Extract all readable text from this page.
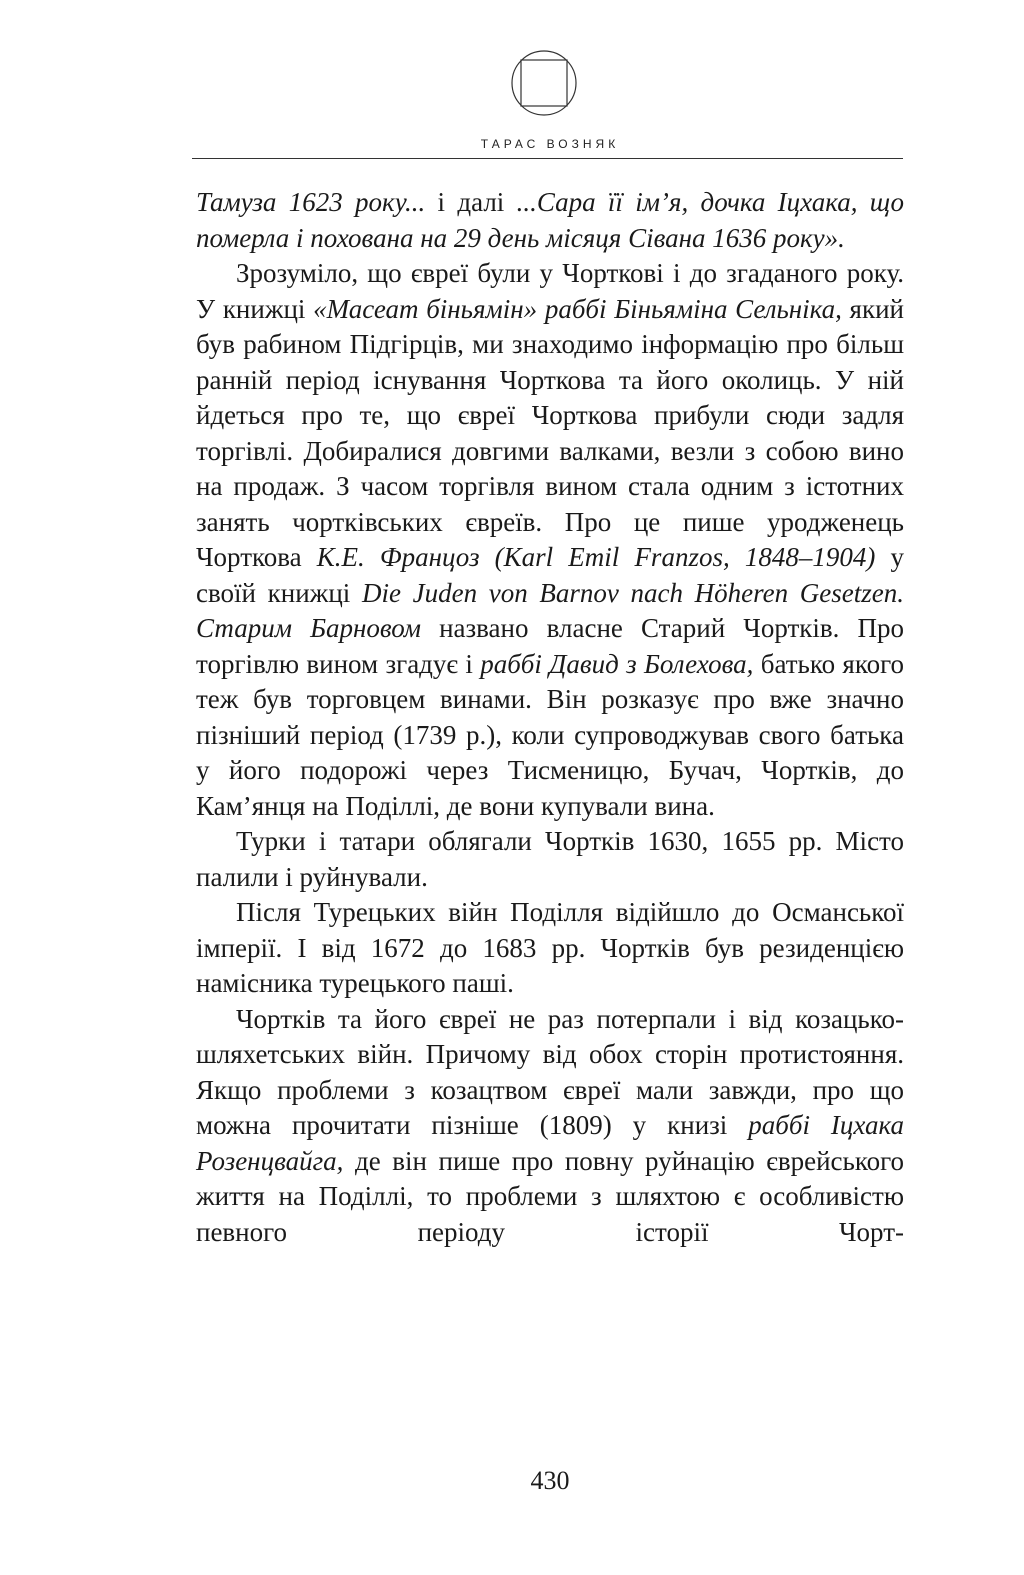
ТАРАС ВОЗНЯК

Тамуза 1623 року... і далі ...Сара її ім’я, дочка Іцхака, що померла і похована на 29 день місяця Сівана 1636 року».

Зрозуміло, що євреї були у Чорткові і до згаданого року. У книжці «Масеат біньямін» раббі Біньяміна Сельніка, який був рабином Підгірців, ми знаходимо інформацію про більш ранній період існування Чорткова та його околиць. У ній йдеться про те, що євреї Чорткова прибули сюди задля торгівлі. Добиралися довгими валками, везли з собою вино на продаж. З часом торгівля вином стала одним з істотних занять чортківських євреїв. Про це пише уродженець Чорткова К.Е. Францоз (Karl Emil Franzos, 1848–1904) у своїй книжці Die Juden von Barnov nach Höheren Gesetzen. Старим Барновом названо власне Старий Чортків. Про торгівлю вином згадує і раббі Давид з Болехова, батько якого теж був торговцем винами. Він розказує про вже значно пізніший період (1739 р.), коли супроводжував свого батька у його подорожі через Тисменицю, Бучач, Чортків, до Кам’янця на Поділлі, де вони купували вина.

Турки і татари облягали Чортків 1630, 1655 рр. Місто палили і руйнували.

Після Турецьких війн Поділля відійшло до Османської імперії. І від 1672 до 1683 рр. Чортків був резиденцією намісника турецького паші.

Чортків та його євреї не раз потерпали і від козацько-шляхетських війн. Причому від обох сторін протистояння. Якщо проблеми з козацтвом євреї мали завжди, про що можна прочитати пізніше (1809) у книзі раббі Іцхака Розенцвайга, де він пише про повну руйнацію єврейського життя на Поділлі, то проблеми з шляхтою є особливістю певного періоду історії Чорт-

430
